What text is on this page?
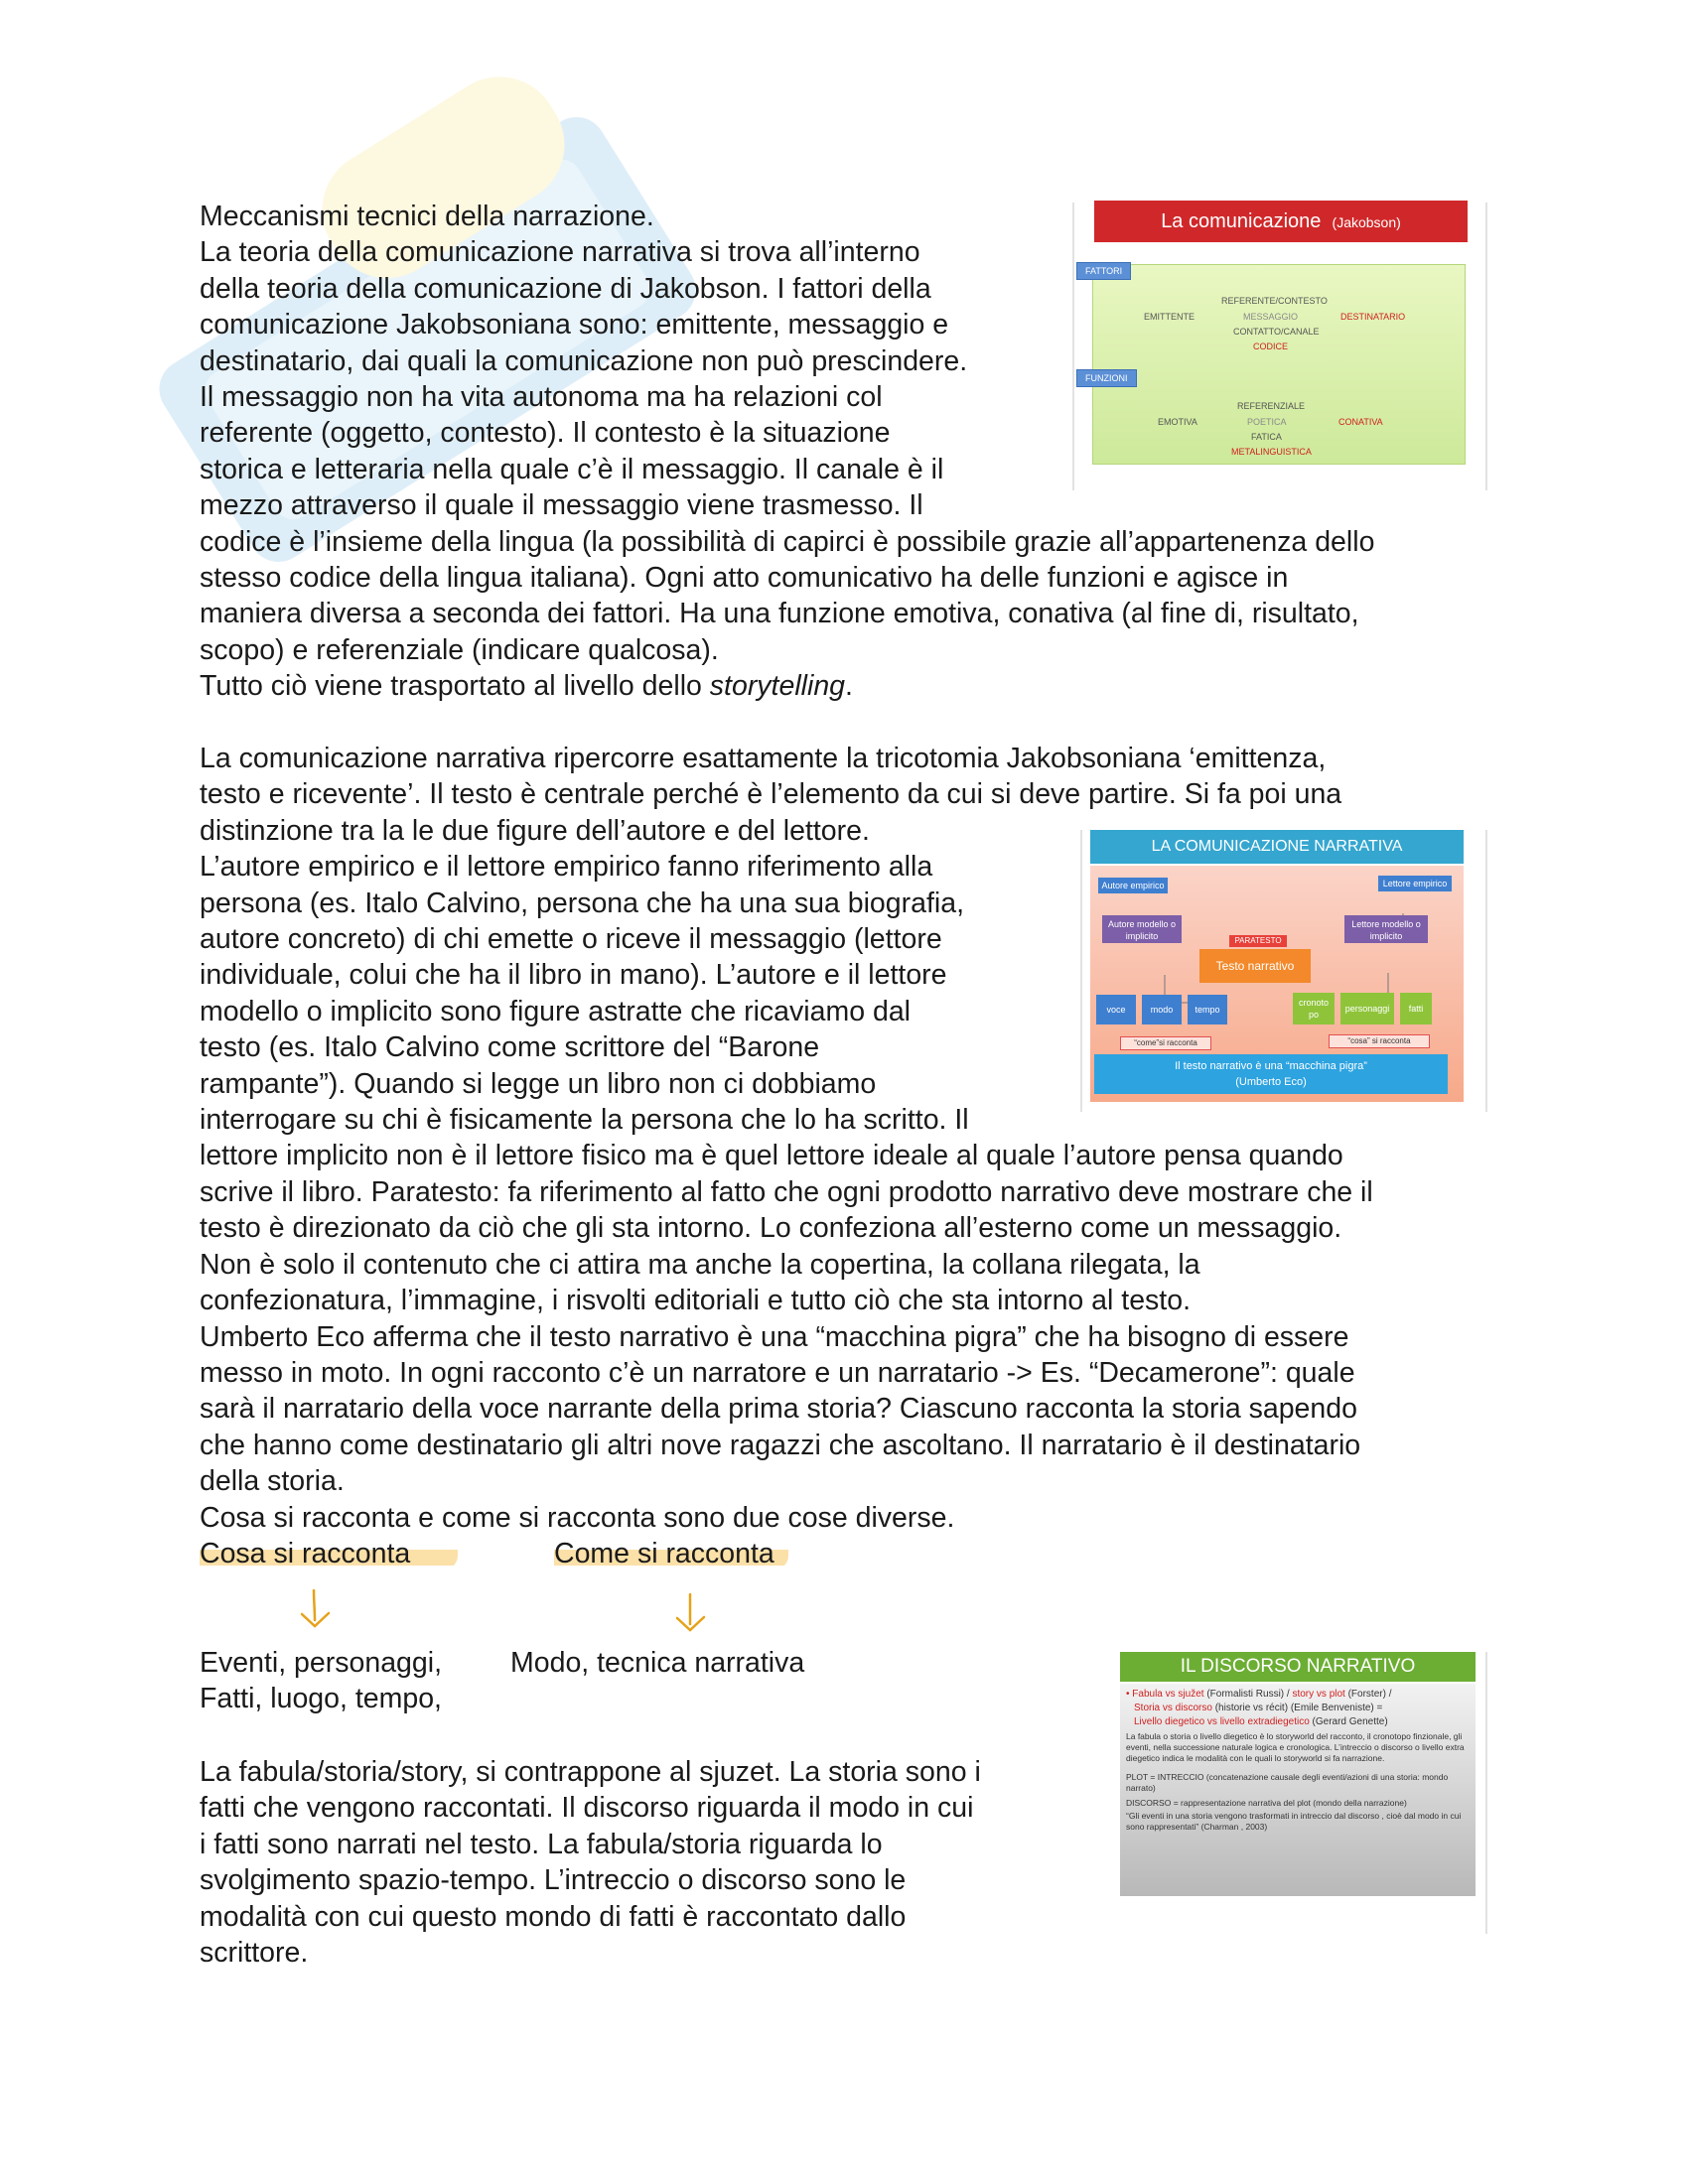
Meccanismi tecnici della narrazione.
La teoria della comunicazione narrativa si trova all’interno
della teoria della comunicazione di Jakobson. I fattori della
comunicazione Jakobsoniana sono: emittente, messaggio e
destinatario, dai quali la comunicazione non può prescindere.
Il messaggio non ha vita autonoma ma ha relazioni col
referente (oggetto, contesto). Il contesto è la situazione
storica e letteraria nella quale c’è il messaggio. Il canale è il
mezzo attraverso il quale il messaggio viene trasmesso. Il
codice è l’insieme della lingua (la possibilità di capirci è possibile grazie all’appartenenza dello
stesso codice della lingua italiana). Ogni atto comunicativo ha delle funzioni e agisce in
maniera diversa a seconda dei fattori. Ha una funzione emotiva, conativa (al fine di, risultato,
scopo) e referenziale (indicare qualcosa).
Tutto ciò viene trasportato al livello dello storytelling.
La comunicazione narrativa ripercorre esattamente la tricotomia Jakobsoniana ‘emittenza,
testo e ricevente’. Il testo è centrale perché è l’elemento da cui si deve partire. Si fa poi una
distinzione tra la le due figure dell’autore e del lettore.
L’autore empirico e il lettore empirico fanno riferimento alla
persona (es. Italo Calvino, persona che ha una sua biografia,
autore concreto) di chi emette o riceve il messaggio (lettore
individuale, colui che ha il libro in mano). L’autore e il lettore
modello o implicito sono figure astratte che ricaviamo dal
testo (es. Italo Calvino come scrittore del “Barone
rampante”). Quando si legge un libro non ci dobbiamo
interrogare su chi è fisicamente la persona che lo ha scritto. Il
lettore implicito non è il lettore fisico ma è quel lettore ideale al quale l’autore pensa quando
scrive il libro. Paratesto: fa riferimento al fatto che ogni prodotto narrativo deve mostrare che il
testo è direzionato da ciò che gli sta intorno. Lo confeziona all’esterno come un messaggio.
Non è solo il contenuto che ci attira ma anche la copertina, la collana rilegata, la
confezionatura, l’immagine, i risvolti editoriali e tutto ciò che sta intorno al testo.
Umberto Eco afferma che il testo narrativo è una “macchina pigra” che ha bisogno di essere
messo in moto. In ogni racconto c’è un narratore e un narratario -> Es. “Decamerone”: quale
sarà il narratario della voce narrante della prima storia? Ciascuno racconta la storia sapendo
che hanno come destinatario gli altri nove ragazzi che ascoltano. Il narratario è il destinatario
della storia.
Cosa si racconta e come si racconta sono due cose diverse.
Cosa si racconta	Come si racconta
Eventi, personaggi,
Fatti, luogo, tempo,
Modo, tecnica narrativa
La fabula/storia/story, si contrappone al sjuzet. La storia sono i
fatti che vengono raccontati. Il discorso riguarda il modo in cui
i fatti sono narrati nel testo. La fabula/storia riguarda lo
svolgimento spazio-tempo. L’intreccio o discorso sono le
modalità con cui questo mondo di fatti è raccontato dallo
scrittore.
La comunicazione (Jakobson)
FATTORI
FUNZIONI
EMITTENTE
REFERENTE/CONTESTO
MESSAGGIO
CONTATTO/CANALE
CODICE
DESTINATARIO
REFERENZIALE
EMOTIVA	POETICA	CONATIVA
FATICA
METALINGUISTICA
LA COMUNICAZIONE NARRATIVA
Autore empirico	Lettore empirico
Autore modello o implicito
Lettore modello o implicito
PARATESTO
Testo narrativo
voce	modo	tempo
cronoto po
personaggi	fatti
“come”si racconta	“cosa” si racconta
Il testo narrativo è una “macchina pigra”
(Umberto Eco)
IL DISCORSO NARRATIVO
• Fabula vs sjužet (Formalisti Russi) / story vs plot (Forster) /
Storia vs discorso (historie vs récit) (Emile Benveniste) =
Livello diegetico vs livello extradiegetico (Gerard Genette)
La fabula o storia o livello diegetico è lo storyworld del racconto, il cronotopo finzionale, gli eventi, nella successione naturale logica e cronologica. L’intreccio o discorso o livello extra diegetico indica le modalità con le quali lo storyworld si fa narrazione.
PLOT = INTRECCIO (concatenazione causale degli eventi/azioni di una storia: mondo narrato)
DISCORSO = rappresentazione narrativa del plot (mondo della narrazione)
“Gli eventi in una storia vengono trasformati in intreccio dal discorso , cioè dal modo in cui sono rappresentati” (Charman , 2003)
